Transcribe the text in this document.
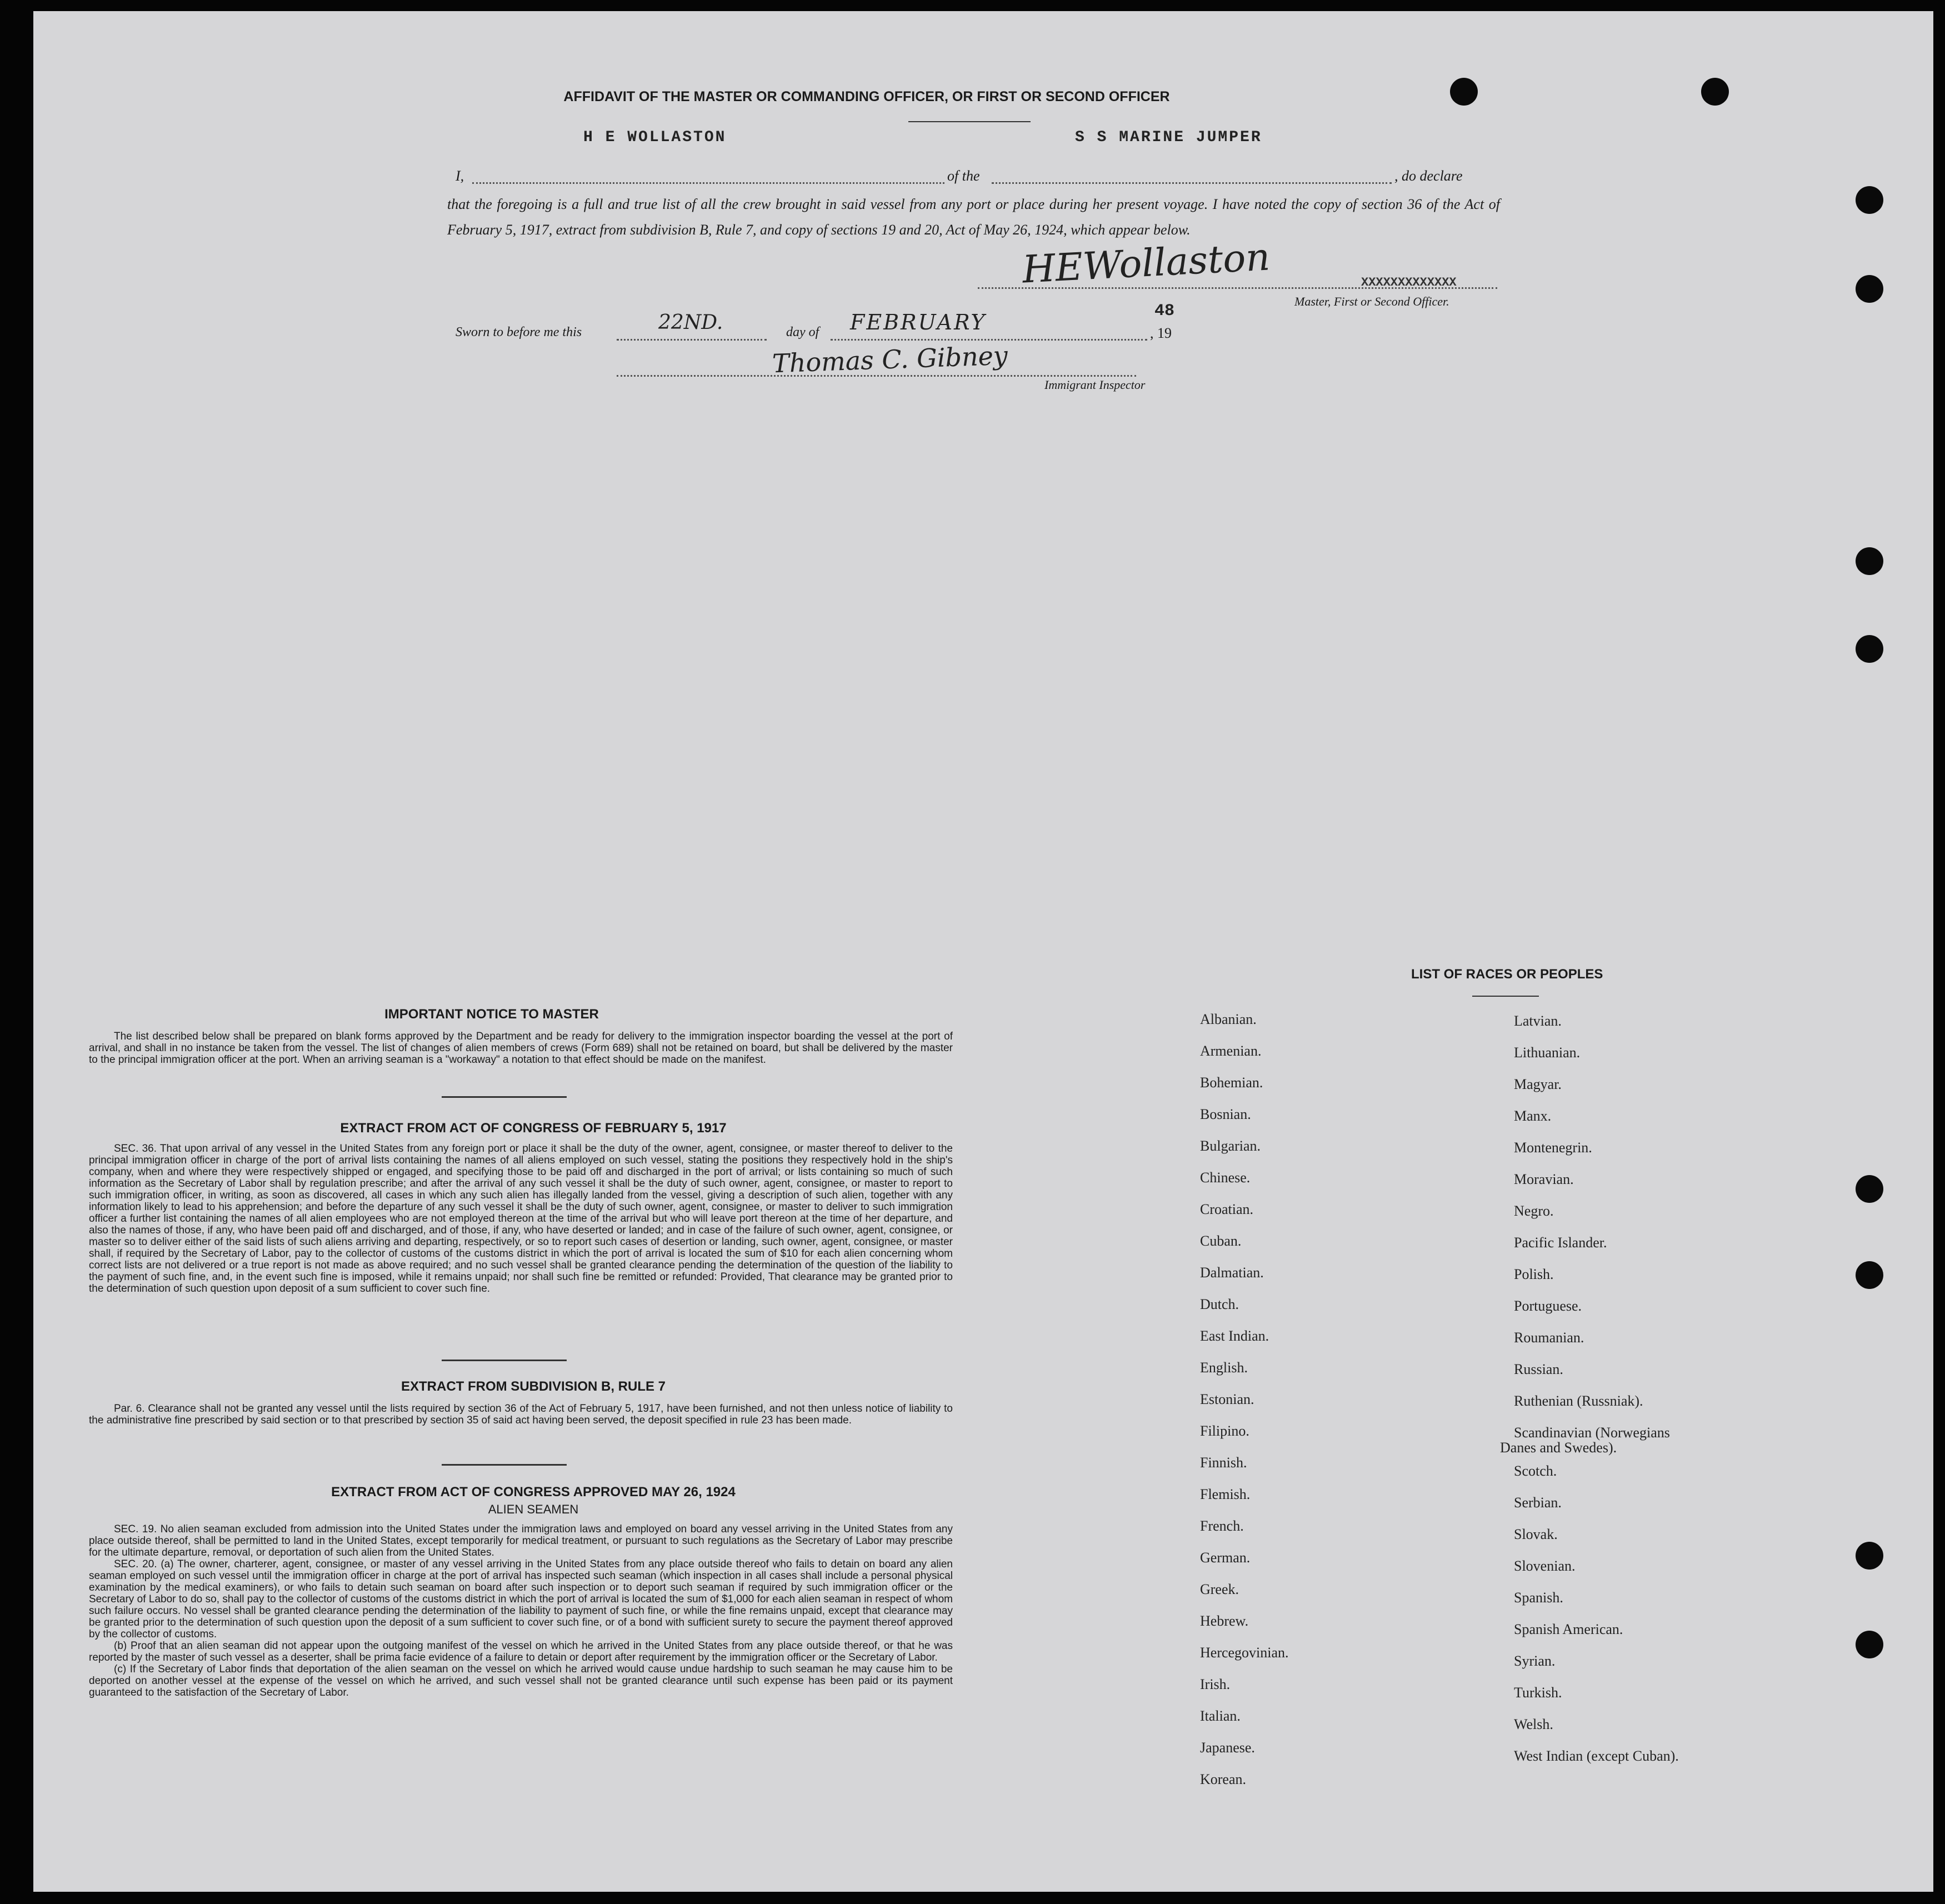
AFFIDAVIT OF THE MASTER OR COMMANDING OFFICER, OR FIRST OR SECOND OFFICER
H E WOLLASTON	S S MARINE JUMPER
I,	of the	, do declare
that the foregoing is a full and true list of all the crew brought in said vessel from any port or place during her present voyage. I have noted the copy of section 36 of the Act of February 5, 1917, extract from subdivision B, Rule 7, and copy of sections 19 and 20, Act of May 26, 1924, which appear below.
HEWollaston	XXXXXXXXXXXXX
Master, First or Second Officer.
Sworn to before me this	22ND.	day of FEBRUARY	, 19
48
Thomas C. Gibney
Immigrant Inspector
IMPORTANT NOTICE TO MASTER

The list described below shall be prepared on blank forms approved by the Department and be ready for delivery to the immigration inspector boarding the vessel at the port of arrival, and shall in no instance be taken from the vessel. The list of changes of alien members of crews (Form 689) shall not be retained on board, but shall be delivered by the master to the principal immigration officer at the port. When an arriving seaman is a "workaway" a notation to that effect should be made on the manifest.

EXTRACT FROM ACT OF CONGRESS OF FEBRUARY 5, 1917

SEC. 36. That upon arrival of any vessel in the United States from any foreign port or place it shall be the duty of the owner, agent, consignee, or master thereof to deliver to the principal immigration officer in charge of the port of arrival lists containing the names of all aliens employed on such vessel, stating the positions they respectively hold in the ship's company, when and where they were respectively shipped or engaged, and specifying those to be paid off and discharged in the port of arrival; or lists containing so much of such information as the Secretary of Labor shall by regulation prescribe; and after the arrival of any such vessel it shall be the duty of such owner, agent, consignee, or master to report to such immigration officer, in writing, as soon as discovered, all cases in which any such alien has illegally landed from the vessel, giving a description of such alien, together with any information likely to lead to his apprehension; and before the departure of any such vessel it shall be the duty of such owner, agent, consignee, or master to deliver to such immigration officer a further list containing the names of all alien employees who are not employed thereon at the time of the arrival but who will leave port thereon at the time of her departure, and also the names of those, if any, who have been paid off and discharged, and of those, if any, who have deserted or landed; and in case of the failure of such owner, agent, consignee, or master so to deliver either of the said lists of such aliens arriving and departing, respectively, or so to report such cases of desertion or landing, such owner, agent, consignee, or master shall, if required by the Secretary of Labor, pay to the collector of customs of the customs district in which the port of arrival is located the sum of $10 for each alien concerning whom correct lists are not delivered or a true report is not made as above required; and no such vessel shall be granted clearance pending the determination of the question of the liability to the payment of such fine, and, in the event such fine is imposed, while it remains unpaid; nor shall such fine be remitted or refunded: Provided, That clearance may be granted prior to the determination of such question upon deposit of a sum sufficient to cover such fine.

EXTRACT FROM SUBDIVISION B, RULE 7

Par. 6. Clearance shall not be granted any vessel until the lists required by section 36 of the Act of February 5, 1917, have been furnished, and not then unless notice of liability to the administrative fine prescribed by said section or to that prescribed by section 35 of said act having been served, the deposit specified in rule 23 has been made.

EXTRACT FROM ACT OF CONGRESS APPROVED MAY 26, 1924
ALIEN SEAMEN

SEC. 19. No alien seaman excluded from admission into the United States under the immigration laws and employed on board any vessel arriving in the United States from any place outside thereof, shall be permitted to land in the United States, except temporarily for medical treatment, or pursuant to such regulations as the Secretary of Labor may prescribe for the ultimate departure, removal, or deportation of such alien from the United States.

SEC. 20. (a) The owner, charterer, agent, consignee, or master of any vessel arriving in the United States from any place outside thereof who fails to detain on board any alien seaman employed on such vessel until the immigration officer in charge at the port of arrival has inspected such seaman (which inspection in all cases shall include a personal physical examination by the medical examiners), or who fails to detain such seaman on board after such inspection or to deport such seaman if required by such immigration officer or the Secretary of Labor to do so, shall pay to the collector of customs of the customs district in which the port of arrival is located the sum of $1,000 for each alien seaman in respect of whom such failure occurs. No vessel shall be granted clearance pending the determination of the liability to payment of such fine, or while the fine remains unpaid, except that clearance may be granted prior to the determination of such question upon the deposit of a sum sufficient to cover such fine, or of a bond with sufficient surety to secure the payment thereof approved by the collector of customs.

(b) Proof that an alien seaman did not appear upon the outgoing manifest of the vessel on which he arrived in the United States from any place outside thereof, or that he was reported by the master of such vessel as a deserter, shall be prima facie evidence of a failure to detain or deport after requirement by the immigration officer or the Secretary of Labor.

(c) If the Secretary of Labor finds that deportation of the alien seaman on the vessel on which he arrived would cause undue hardship to such seaman he may cause him to be deported on another vessel at the expense of the vessel on which he arrived, and such vessel shall not be granted clearance until such expense has been paid or its payment guaranteed to the satisfaction of the Secretary of Labor.

LIST OF RACES OR PEOPLES
Albanian.
Armenian.
Bohemian.
Bosnian.
Bulgarian.
Chinese.
Croatian.
Cuban.
Dalmatian.
Dutch.
East Indian.
English.
Estonian.
Filipino.
Finnish.
Flemish.
French.
German.
Greek.
Hebrew.
Hercegovinian.
Irish.
Italian.
Japanese.
Korean.
Latvian.
Lithuanian.
Magyar.
Manx.
Montenegrin.
Moravian.
Negro.
Pacific Islander.
Polish.
Portuguese.
Roumanian.
Russian.
Ruthenian (Russniak).
Scandinavian (Norwegians
Danes and Swedes).
Scotch.
Serbian.
Slovak.
Slovenian.
Spanish.
Spanish American.
Syrian.
Turkish.
Welsh.
West Indian (except Cuban).
